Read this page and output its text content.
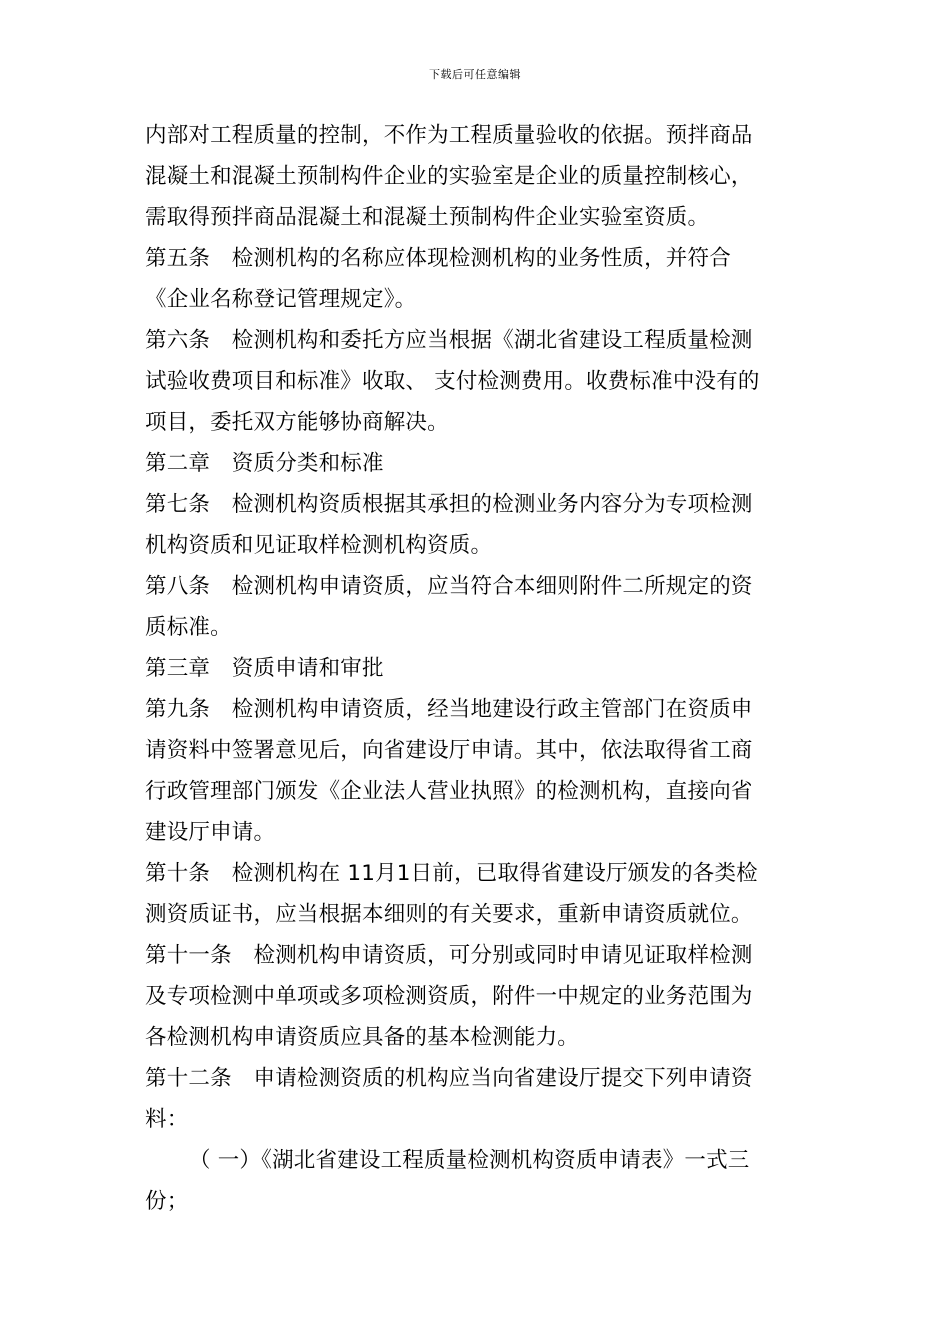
下载后可任意编辑
内部对工程质量的控制，不作为工程质量验收的依据。预拌商品
混凝土和混凝土预制构件企业的实验室是企业的质量控制核心，
需取得预拌商品混凝土和混凝土预制构件企业实验室资质。
第五条　检测机构的名称应体现检测机构的业务性质，并符合
《企业名称登记管理规定》。
第六条　检测机构和委托方应当根据《湖北省建设工程质量检测
试验收费项目和标准》收取、 支付检测费用。收费标准中没有的
项目，委托双方能够协商解决。
第二章　资质分类和标准
第七条　检测机构资质根据其承担的检测业务内容分为专项检测
机构资质和见证取样检测机构资质。
第八条　检测机构申请资质，应当符合本细则附件二所规定的资
质标准。
第三章　资质申请和审批
第九条　检测机构申请资质，经当地建设行政主管部门在资质申
请资料中签署意见后，向省建设厅申请。其中，依法取得省工商
行政管理部门颁发《企业法人营业执照》的检测机构，直接向省
建设厅申请。
第十条　检测机构在 11月1日前，已取得省建设厅颁发的各类检
测资质证书，应当根据本细则的有关要求，重新申请资质就位。
第十一条　检测机构申请资质，可分别或同时申请见证取样检测
及专项检测中单项或多项检测资质，附件一中规定的业务范围为
各检测机构申请资质应具备的基本检测能力。
第十二条　申请检测资质的机构应当向省建设厅提交下列申请资
料：
（ 一）《湖北省建设工程质量检测机构资质申请表》一式三
份；
